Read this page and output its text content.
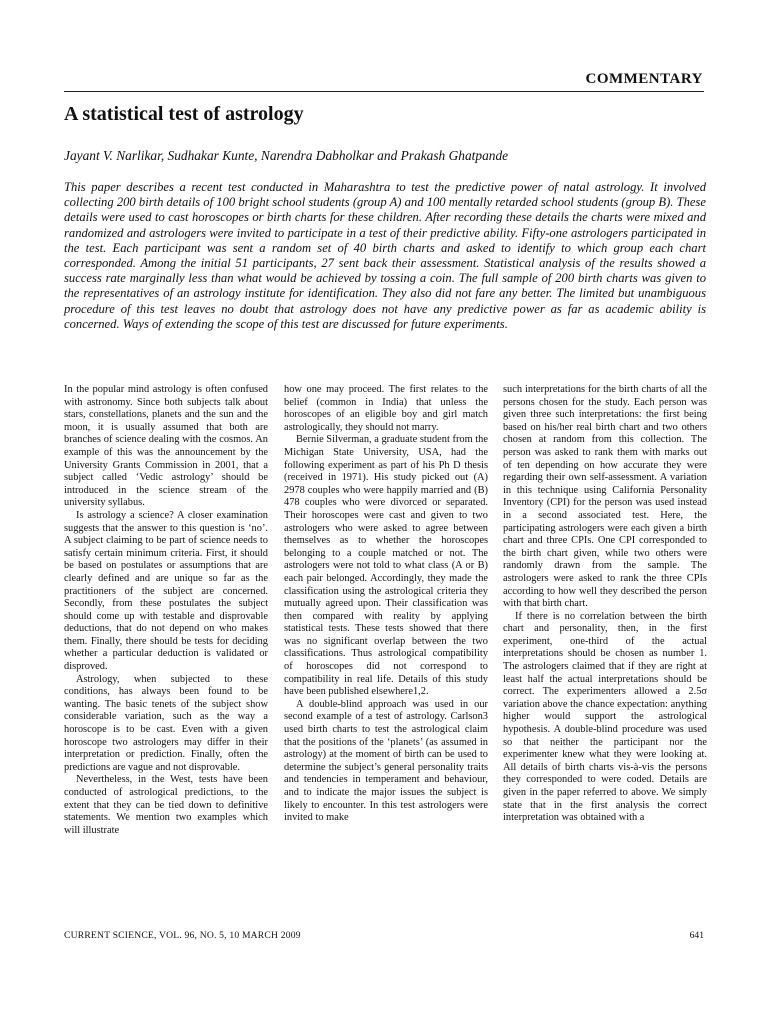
COMMENTARY
A statistical test of astrology
Jayant V. Narlikar, Sudhakar Kunte, Narendra Dabholkar and Prakash Ghatpande

This paper describes a recent test conducted in Maharashtra to test the predictive power of natal astrology. It involved collecting 200 birth details of 100 bright school students (group A) and 100 mentally retarded school students (group B). These details were used to cast horoscopes or birth charts for these children. After recording these details the charts were mixed and randomized and astrologers were invited to participate in a test of their predictive ability. Fifty-one astrologers participated in the test. Each participant was sent a random set of 40 birth charts and asked to identify to which group each chart corresponded. Among the initial 51 participants, 27 sent back their assessment. Statistical analysis of the results showed a success rate marginally less than what would be achieved by tossing a coin. The full sample of 200 birth charts was given to the representatives of an astrology institute for identification. They also did not fare any better. The limited but unambiguous procedure of this test leaves no doubt that astrology does not have any predictive power as far as academic ability is concerned. Ways of extending the scope of this test are discussed for future experiments.

In the popular mind astrology is often confused with astronomy. Since both subjects talk about stars, constellations, planets and the sun and the moon, it is usually assumed that both are branches of science dealing with the cosmos. An example of this was the announcement by the University Grants Commission in 2001, that a subject called ‘Vedic astrology’ should be introduced in the science stream of the university syllabus.

Is astrology a science? A closer examination suggests that the answer to this question is ‘no’. A subject claiming to be part of science needs to satisfy certain minimum criteria. First, it should be based on postulates or assumptions that are clearly defined and are unique so far as the practitioners of the subject are concerned. Secondly, from these postulates the subject should come up with testable and disprovable deductions, that do not depend on who makes them. Finally, there should be tests for deciding whether a particular deduction is validated or disproved.

Astrology, when subjected to these conditions, has always been found to be wanting. The basic tenets of the subject show considerable variation, such as the way a horoscope is to be cast. Even with a given horoscope two astrologers may differ in their interpretation or prediction. Finally, often the predictions are vague and not disprovable.

Nevertheless, in the West, tests have been conducted of astrological predictions, to the extent that they can be tied down to definitive statements. We mention two examples which will illustrate

how one may proceed. The first relates to the belief (common in India) that unless the horoscopes of an eligible boy and girl match astrologically, they should not marry.

Bernie Silverman, a graduate student from the Michigan State University, USA, had the following experiment as part of his Ph D thesis (received in 1971). His study picked out (A) 2978 couples who were happily married and (B) 478 couples who were divorced or separated. Their horoscopes were cast and given to two astrologers who were asked to agree between themselves as to whether the horoscopes belonging to a couple matched or not. The astrologers were not told to what class (A or B) each pair belonged. Accordingly, they made the classification using the astrological criteria they mutually agreed upon. Their classification was then compared with reality by applying statistical tests. These tests showed that there was no significant overlap between the two classifications. Thus astrological compatibility of horoscopes did not correspond to compatibility in real life. Details of this study have been published elsewhere1,2.

A double-blind approach was used in our second example of a test of astrology. Carlson3 used birth charts to test the astrological claim that the positions of the ‘planets’ (as assumed in astrology) at the moment of birth can be used to determine the subject’s general personality traits and tendencies in temperament and behaviour, and to indicate the major issues the subject is likely to encounter. In this test astrologers were invited to make

such interpretations for the birth charts of all the persons chosen for the study. Each person was given three such interpretations: the first being based on his/her real birth chart and two others chosen at random from this collection. The person was asked to rank them with marks out of ten depending on how accurate they were regarding their own self-assessment. A variation in this technique using California Personality Inventory (CPI) for the person was used instead in a second associated test. Here, the participating astrologers were each given a birth chart and three CPIs. One CPI corresponded to the birth chart given, while two others were randomly drawn from the sample. The astrologers were asked to rank the three CPIs according to how well they described the person with that birth chart.

If there is no correlation between the birth chart and personality, then, in the first experiment, one-third of the actual interpretations should be chosen as number 1. The astrologers claimed that if they are right at least half the actual interpretations should be correct. The experimenters allowed a 2.5σ variation above the chance expectation: anything higher would support the astrological hypothesis. A double-blind procedure was used so that neither the participant nor the experimenter knew what they were looking at. All details of birth charts vis-à-vis the persons they corresponded to were coded. Details are given in the paper referred to above. We simply state that in the first analysis the correct interpretation was obtained with a

CURRENT SCIENCE, VOL. 96, NO. 5, 10 MARCH 2009	641
